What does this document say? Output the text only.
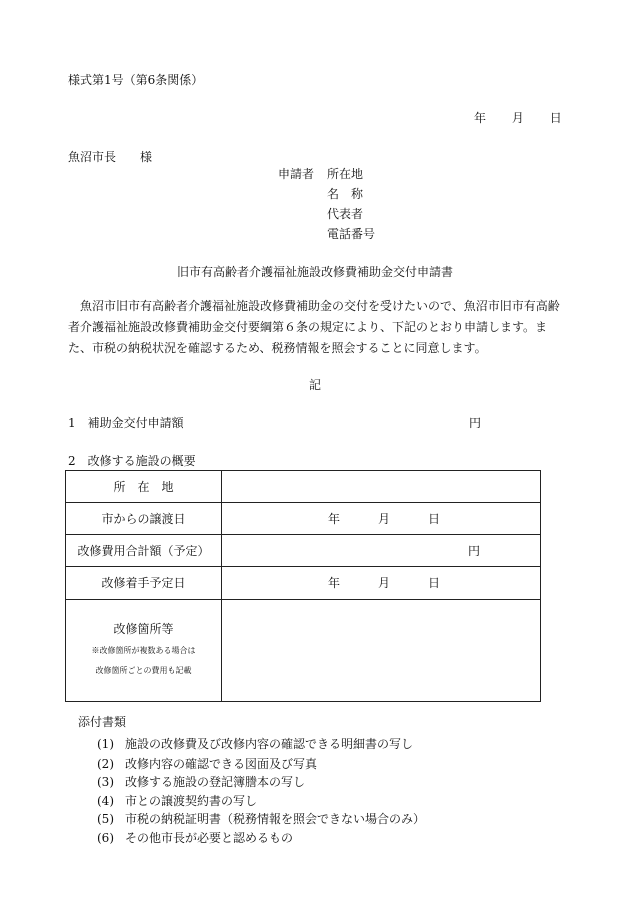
様式第1号（第6条関係）
年 月 日
魚沼市長　　様
申請者 所在地
名　称
代表者
電話番号
旧市有高齢者介護福祉施設改修費補助金交付申請書
魚沼市旧市有高齢者介護福祉施設改修費補助金の交付を受けたいので、魚沼市旧市有高齢者介護福祉施設改修費補助金交付要綱第６条の規定により、下記のとおり申請します。また、市税の納税状況を確認するため、税務情報を照会することに同意します。
記
1　補助金交付申請額	円
2　改修する施設の概要
所　在　地	
市からの譲渡日	年 月 日

改修費用合計額（予定）	円
改修着手予定日	年 月 日

改修箇所等
※改修箇所が複数ある場合は
改修箇所ごとの費用も記載	

添付書類
(1) 施設の改修費及び改修内容の確認できる明細書の写し
(2) 改修内容の確認できる図面及び写真
(3) 改修する施設の登記簿謄本の写し
(4) 市との譲渡契約書の写し
(5) 市税の納税証明書（税務情報を照会できない場合のみ）
(6) その他市長が必要と認めるもの
